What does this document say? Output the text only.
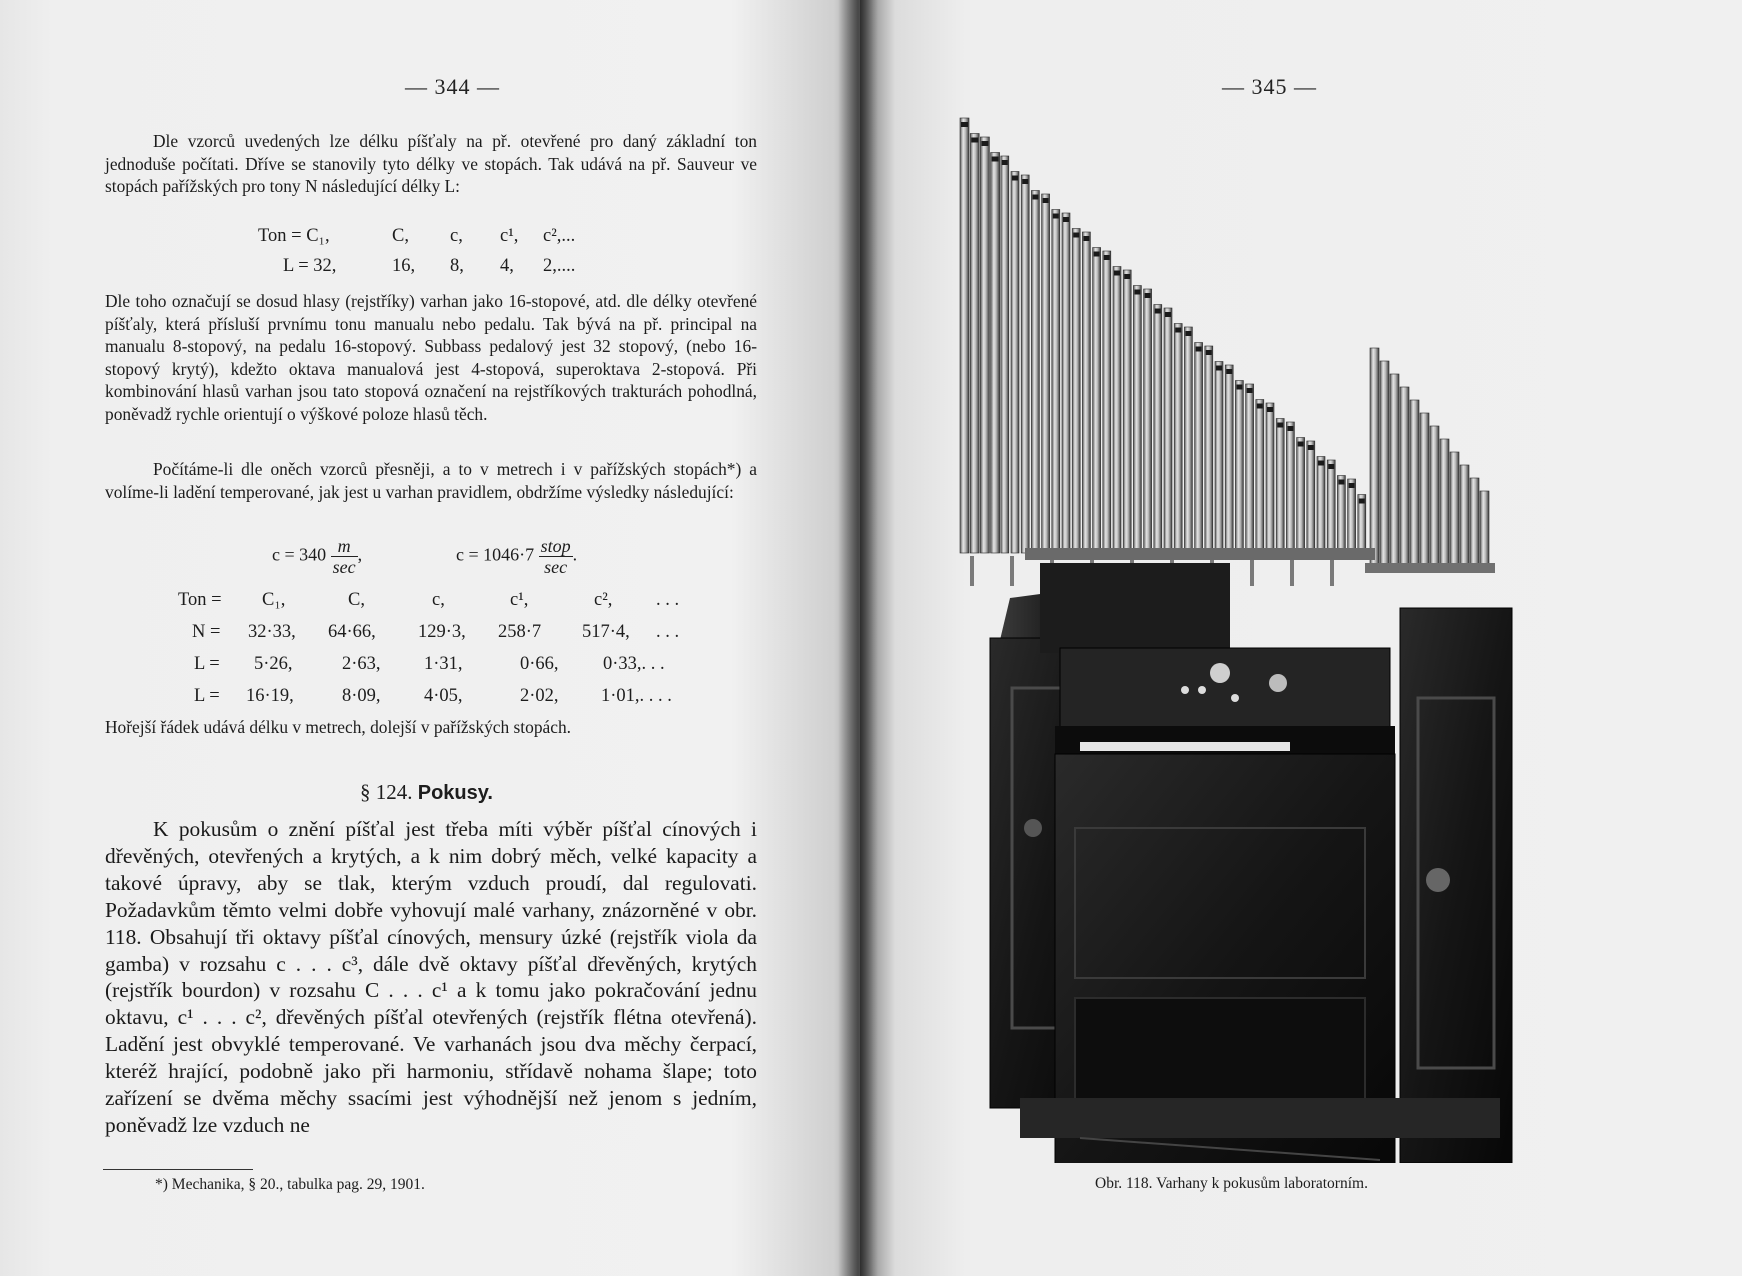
— 344 —

Dle vzorců uvedených lze délku píšťaly na př. otevřené pro daný základní ton jednoduše počítati. Dříve se stanovily tyto délky ve stopách. Tak udává na př. Sauveur ve stopách pařížských pro tony N následující délky L:

Ton = C₁,	C, c, c¹, c²,...
L = 32,	16, 8, 4, 2,....

Dle toho označují se dosud hlasy (rejstříky) varhan jako 16-stopové, atd. dle délky otevřené píšťaly, která přísluší prvnímu tonu manualu nebo pedalu. Tak bývá na př. principal na manualu 8-stopový, na pedalu 16-stopový. Subbass pedalový jest 32 stopový, (nebo 16-stopový krytý), kdežto oktava manualová jest 4-stopová, superoktava 2-stopová. Při kombinování hlasů varhan jsou tato stopová označení na rejstříkových trakturách pohodlná, poněvadž rychle orientují o výškové poloze hlasů těch.

Počítáme-li dle oněch vzorců přesněji, a to v metrech i v pařížských stopách*) a volíme-li ladění temperované, jak jest u varhan pravidlem, obdržíme výsledky následující:

$c = 340 \frac{m}{\sec}$ ,	$c = 1046\cdot 7 \frac{\text{stop}}{\sec}$ .
Ton = C₁,	C,	c,	c¹,	c², . . .
N = 32·33, 64·66, 129·3, 258·7 517·4, . . .
L = 5·26,	2·63, 1·31,	0·66, 0·33,. . .
L = 16·19,	8·09, 4·05,	2·02, 1·01,. . . .

Hořejší řádek udává délku v metrech, dolejší v pařížských stopách.

§ 124. Pokusy.

K pokusům o znění píšťal jest třeba míti výběr píšťal cínových i dřevěných, otevřených a krytých, a k nim dobrý měch, velké kapacity a takové úpravy, aby se tlak, kterým vzduch proudí, dal regulovati. Požadavkům těmto velmi dobře vyhovují malé varhany, znázorněné v obr. 118. Obsahují tři oktavy píšťal cínových, mensury úzké (rejstřík viola da gamba) v rozsahu c . . . c³, dále dvě oktavy píšťal dřevěných, krytých (rejstřík bourdon) v rozsahu C . . . c¹ a k tomu jako pokračování jednu oktavu, c¹ . . . c², dřevěných píšťal otevřených (rejstřík flétna otevřená). Ladění jest obvyklé temperované. Ve varhanách jsou dva měchy čerpací, kteréž hrající, podobně jako při harmoniu, střídavě nohama šlape; toto zařízení se dvěma měchy ssacími jest výhodnější než jenom s jedním, poněvadž lze vzduch ne

*) Mechanika, § 20., tabulka pag. 29, 1901.
— 345 —
Obr. 118. Varhany k pokusům laboratorním.
